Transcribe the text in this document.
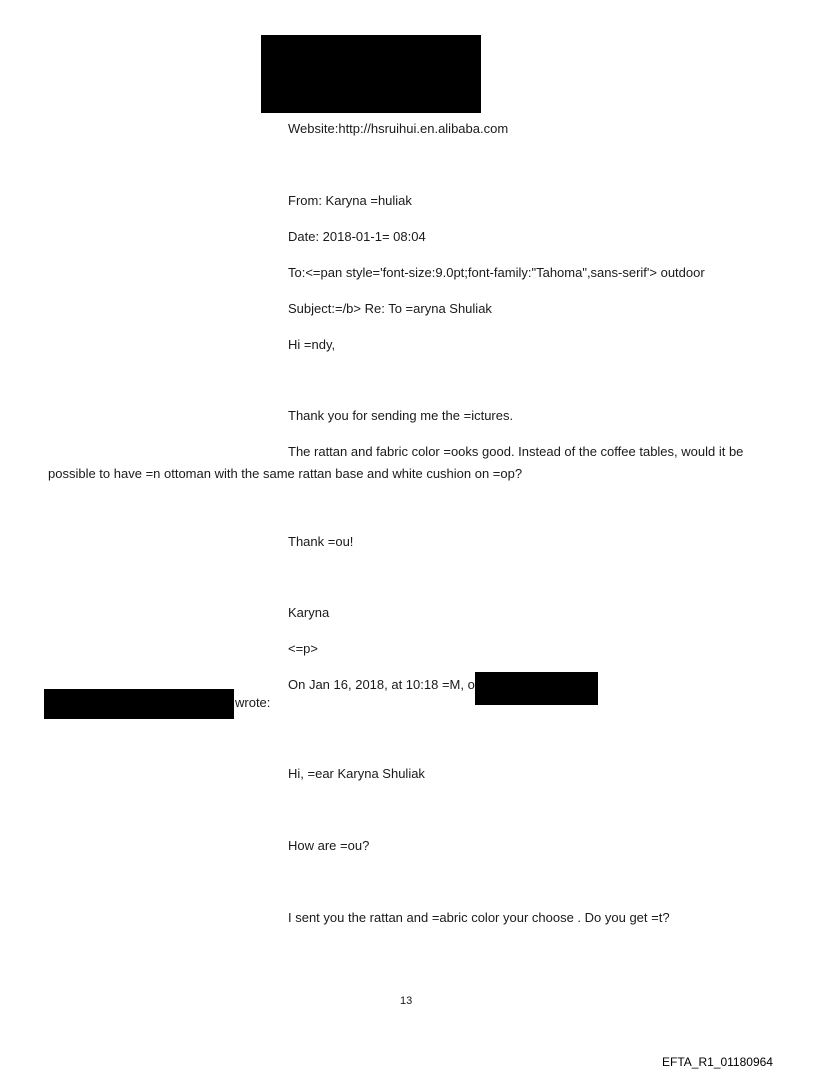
Website:http://hsruihui.en.alibaba.com
From: Karyna =huliak
Date: 2018-01-1= 08:04
To:<=pan style='font-size:9.0pt;font-family:"Tahoma",sans-serif'> outdoor
Subject:=/b> Re: To =aryna Shuliak
Hi =ndy,
Thank you for sending me the =ictures.
The rattan and fabric color =ooks good. Instead of the coffee tables, would it be
possible to have =n ottoman with the same rattan base and white cushion on =op?
Thank =ou!
Karyna
<=p>
On Jan 16, 2018, at 10:18 =M, o
wrote:
Hi, =ear Karyna Shuliak
How are =ou?
I sent you the rattan and =abric color your choose . Do you get =t?
13
EFTA_R1_01180964
